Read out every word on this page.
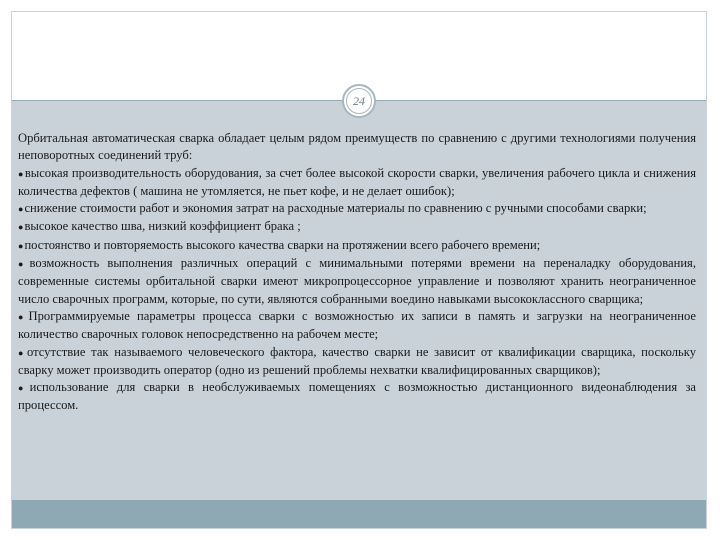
24

Орбитальная автоматическая сварка обладает целым рядом преимуществ по сравнению с другими технологиями получения неповоротных соединений труб:

●высокая производительность оборудования, за счет более высокой скорости сварки, увеличения рабочего цикла и снижения количества дефектов ( машина не утомляется, не пьет кофе, и не делает ошибок);

●снижение стоимости работ и экономия затрат на расходные материалы по сравнению с ручными способами сварки;

●высокое качество шва, низкий коэффициент брака ;

●постоянство и повторяемость высокого качества сварки на протяжении всего рабочего времени;

●возможность выполнения различных операций с минимальными потерями времени на переналадку оборудования, современные системы орбитальной сварки имеют микропроцессорное управление и позволяют хранить неограниченное число сварочных программ, которые, по сути, являются собранными воедино навыками высококлассного сварщика;

●Программируемые параметры процесса сварки с возможностью их записи в память и загрузки на неограниченное количество сварочных головок непосредственно на рабочем месте;

●отсутствие так называемого человеческого фактора, качество сварки не зависит от квалификации сварщика, поскольку сварку может производить оператор (одно из решений проблемы нехватки квалифицированных сварщиков);

●использование для сварки в необслуживаемых помещениях с возможностью дистанционного видеонаблюдения за процессом.
